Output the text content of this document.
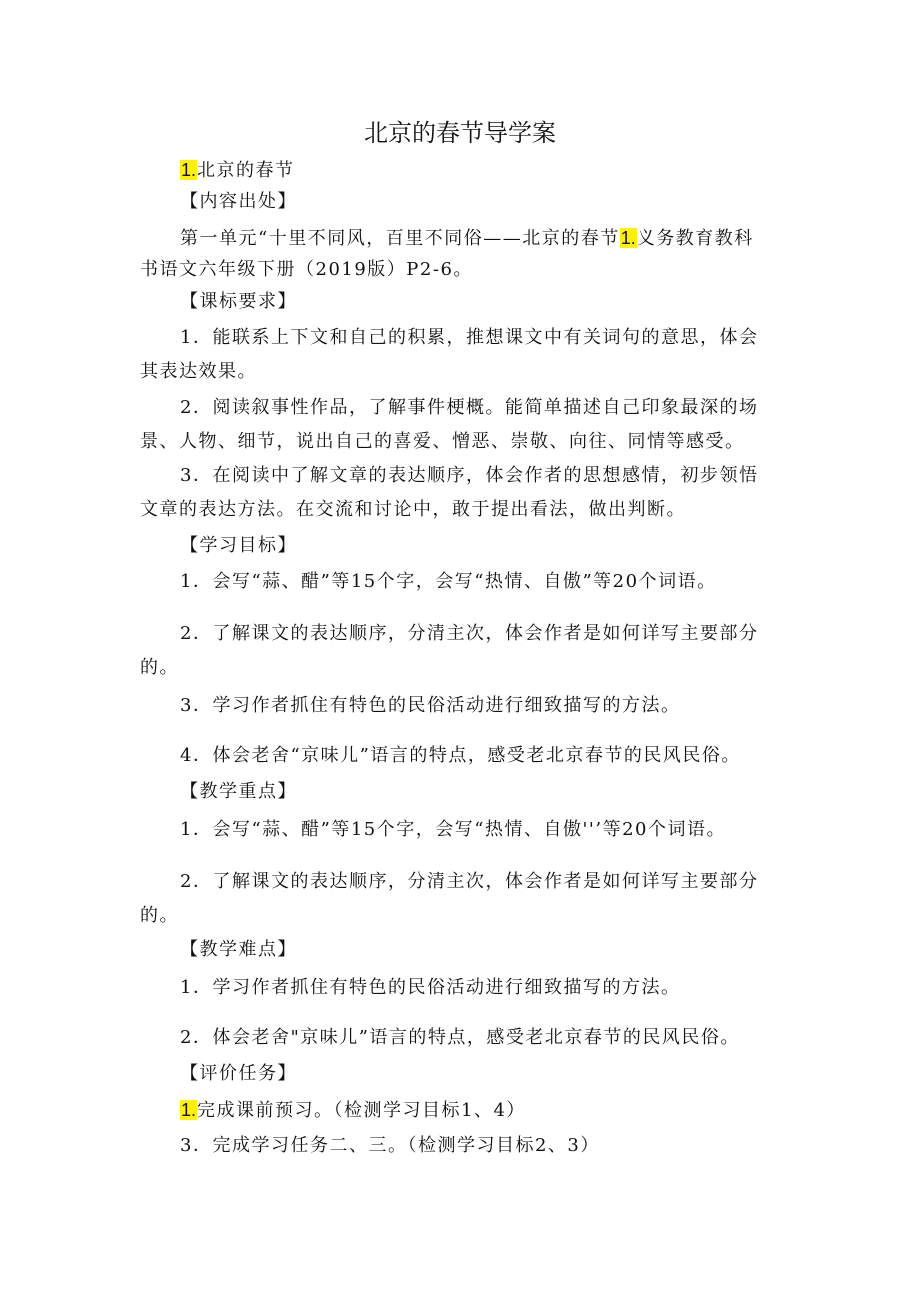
北京的春节导学案
1.北京的春节
【内容出处】
第一单元“十里不同风，百里不同俗——北京的春节1.义务教育教科
书语文六年级下册（2019版）P2-6。
【课标要求】
1．能联系上下文和自己的积累，推想课文中有关词句的意思，体会
其表达效果。
2．阅读叙事性作品，了解事件梗概。能简单描述自己印象最深的场
景、人物、细节，说出自己的喜爱、憎恶、崇敬、向往、同情等感受。
3．在阅读中了解文章的表达顺序，体会作者的思想感情，初步领悟
文章的表达方法。在交流和讨论中，敢于提出看法，做出判断。
【学习目标】
1．会写“蒜、醋”等15个字，会写“热情、自傲”等20个词语。
2．了解课文的表达顺序，分清主次，体会作者是如何详写主要部分
的。
3．学习作者抓住有特色的民俗活动进行细致描写的方法。
4．体会老舍“京味儿”语言的特点，感受老北京春节的民风民俗。
【教学重点】
1．会写“蒜、醋”等15个字，会写“热情、自傲''’等20个词语。
2．了解课文的表达顺序，分清主次，体会作者是如何详写主要部分
的。
【教学难点】
1．学习作者抓住有特色的民俗活动进行细致描写的方法。
2．体会老舍"京味儿”语言的特点，感受老北京春节的民风民俗。
【评价任务】
1.完成课前预习。（检测学习目标1、4）
3．完成学习任务二、三。（检测学习目标2、3）
